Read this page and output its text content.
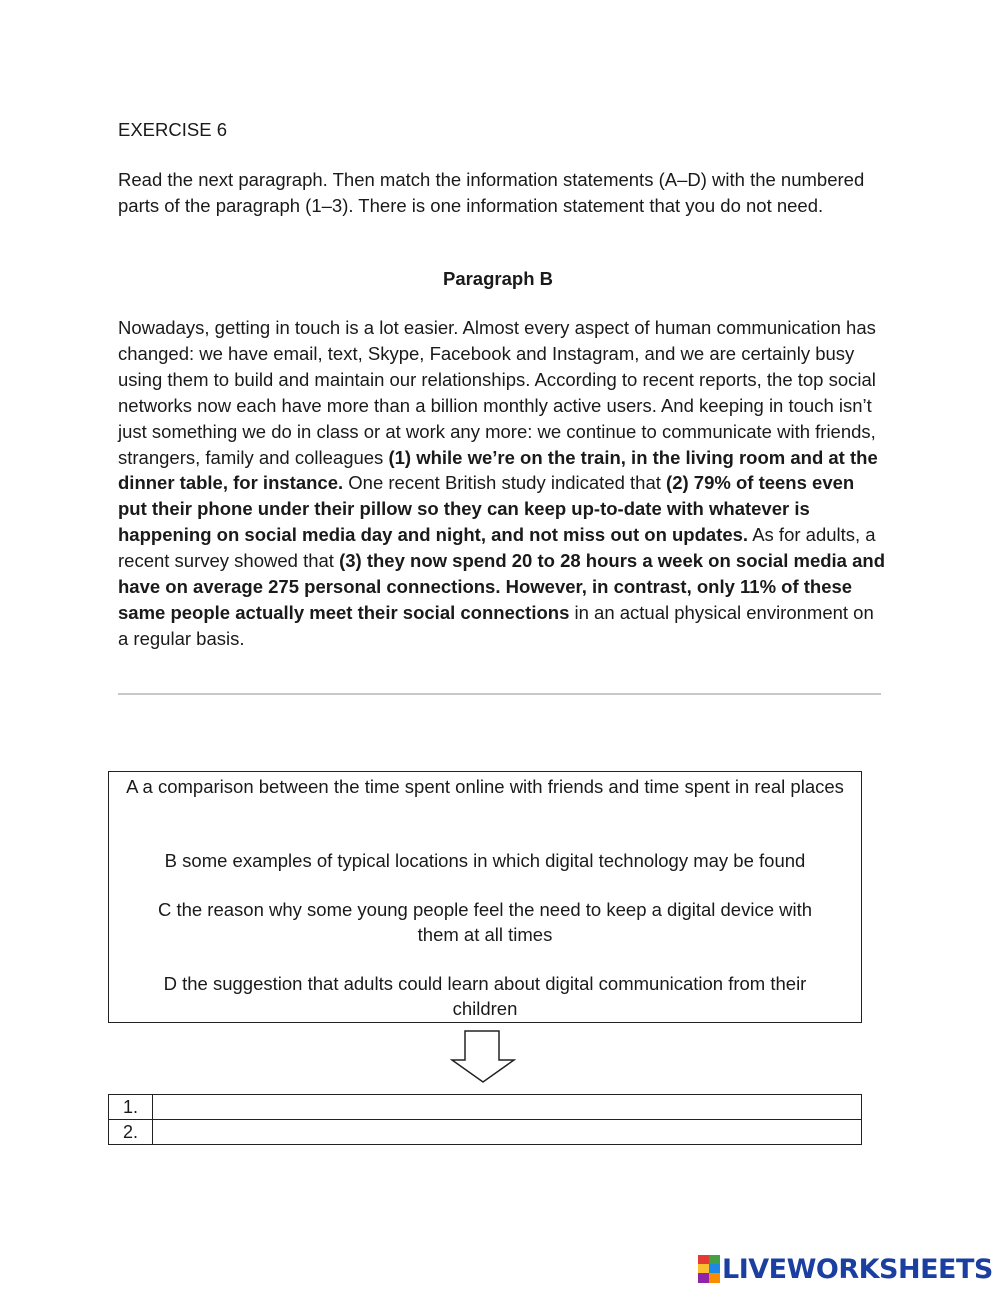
EXERCISE 6
Read the next paragraph. Then match the information statements (A–D) with the numbered parts of the paragraph (1–3). There is one information statement that you do not need.
Paragraph B
Nowadays, getting in touch is a lot easier. Almost every aspect of human communication has changed: we have email, text, Skype, Facebook and Instagram, and we are certainly busy using them to build and maintain our relationships. According to recent reports, the top social networks now each have more than a billion monthly active users. And keeping in touch isn’t just something we do in class or at work any more: we continue to communicate with friends, strangers, family and colleagues (1) while we’re on the train, in the living room and at the dinner table, for instance. One recent British study indicated that (2) 79% of teens even put their phone under their pillow so they can keep up-to-date with whatever is happening on social media day and night, and not miss out on updates. As for adults, a recent survey showed that (3) they now spend 20 to 28 hours a week on social media and have on average 275 personal connections. However, in contrast, only 11% of these same people actually meet their social connections in an actual physical environment on a regular basis.
A a comparison between the time spent online with friends and time spent in real places
B some examples of typical locations in which digital technology may be found
C the reason why some young people feel the need to keep a digital device with them at all times
D the suggestion that adults could learn about digital communication from their children
1.	
2.	
LIVEWORKSHEETS
